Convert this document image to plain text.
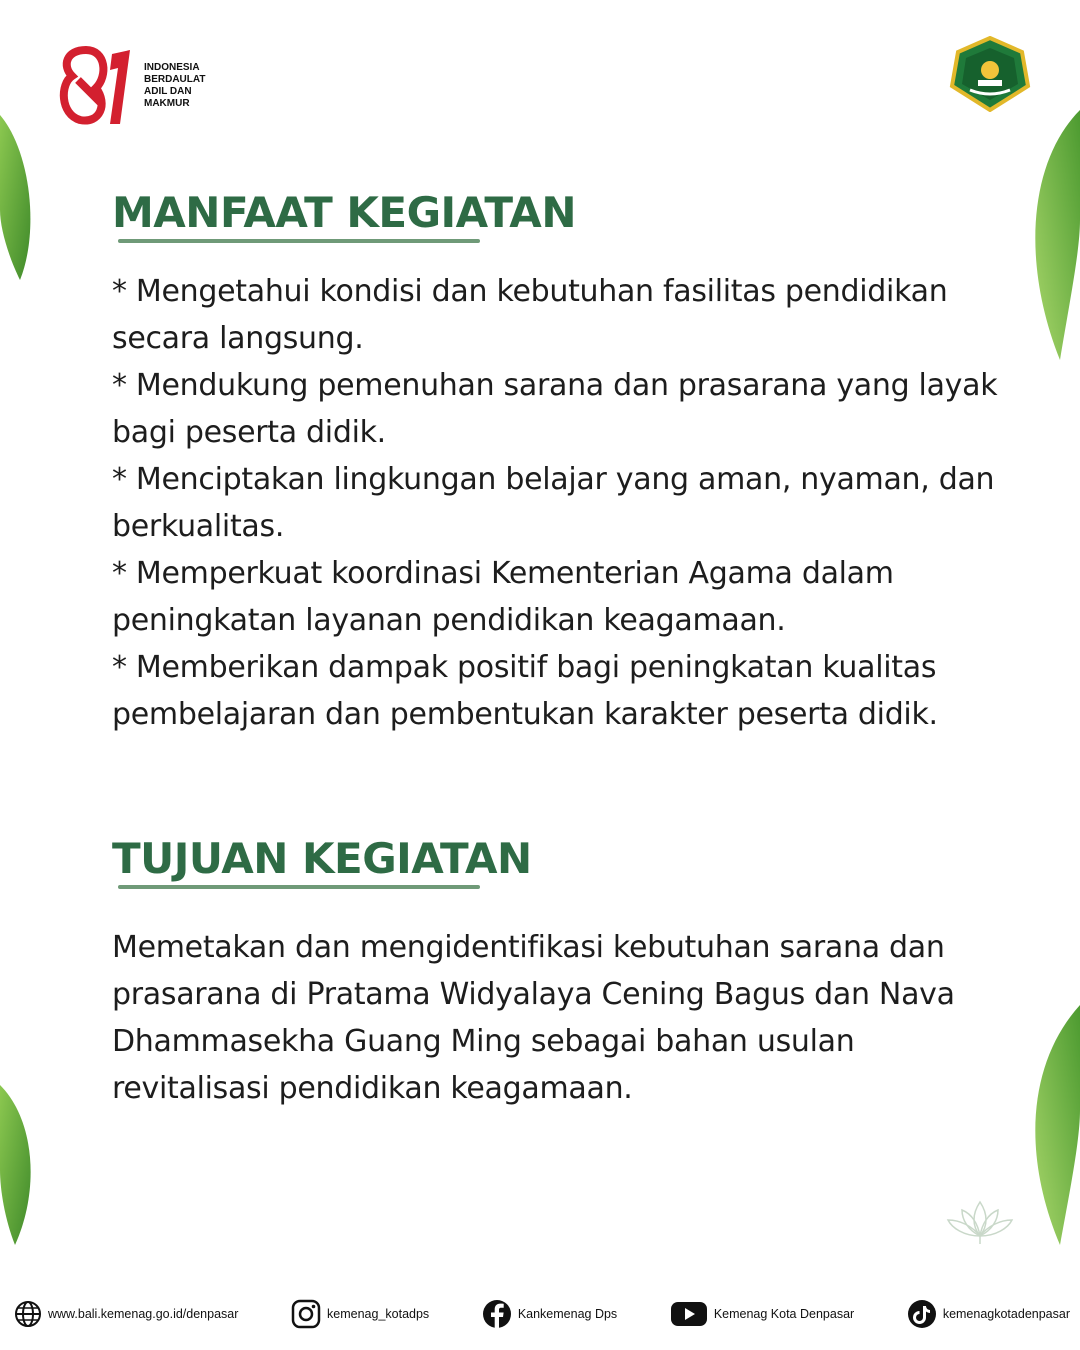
INDONESIA
BERDAULAT
ADIL DAN
MAKMUR
MANFAAT KEGIATAN
* Mengetahui kondisi dan kebutuhan fasilitas pendidikan secara langsung.
* Mendukung pemenuhan sarana dan prasarana yang layak bagi peserta didik.
* Menciptakan lingkungan belajar yang aman, nyaman, dan berkualitas.
* Memperkuat koordinasi Kementerian Agama dalam peningkatan layanan pendidikan keagamaan.
* Memberikan dampak positif bagi peningkatan kualitas pembelajaran dan pembentukan karakter peserta didik.
TUJUAN KEGIATAN

Memetakan dan mengidentifikasi kebutuhan sarana dan prasarana di Pratama Widyalaya Cening Bagus dan Nava Dhammasekha Guang Ming sebagai bahan usulan revitalisasi pendidikan keagamaan.

www.bali.kemenag.go.id/denpasar	kemenag_kotadps	Kankemenag Dps	Kemenag Kota Denpasar	kemenagkotadenpasar
